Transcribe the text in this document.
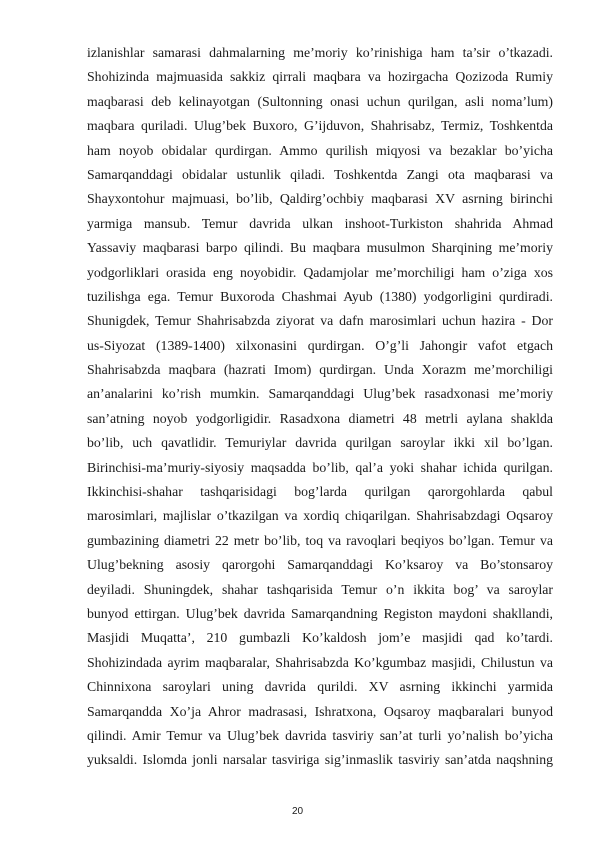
izlanishlar samarasi dahmalarning me’moriy ko’rinishiga ham ta’sir o’tkazadi.
Shohizinda majmuasida sakkiz qirrali maqbara va hozirgacha Qozizoda Rumiy
maqbarasi deb kelinayotgan (Sultonning onasi uchun qurilgan, asli noma’lum)
maqbara quriladi. Ulug’bek Buxoro, G’ijduvon, Shahrisabz, Termiz, Toshkentda
ham noyob obidalar qurdirgan. Ammo qurilish miqyosi va bezaklar bo’yicha
Samarqanddagi obidalar ustunlik qiladi. Toshkentda Zangi ota maqbarasi va
Shayxontohur majmuasi, bo’lib, Qaldirg’ochbiy maqbarasi XV asrning birinchi
yarmiga mansub. Temur davrida ulkan inshoot-Turkiston shahrida Ahmad
Yassaviy maqbarasi barpo qilindi. Bu maqbara musulmon Sharqining me’moriy
yodgorliklari orasida eng noyobidir. Qadamjolar me’morchiligi ham o’ziga xos
tuzilishga ega. Temur Buxoroda Chashmai Ayub (1380) yodgorligini qurdiradi.
Shunigdek, Temur Shahrisabzda ziyorat va dafn marosimlari uchun hazira - Dor
us-Siyozat (1389-1400) xilxonasini qurdirgan. O’g’li Jahongir vafot etgach
Shahrisabzda maqbara (hazrati Imom) qurdirgan. Unda Xorazm me’morchiligi
an’analarini ko’rish mumkin. Samarqanddagi Ulug’bek rasadxonasi me’moriy
san’atning noyob yodgorligidir. Rasadxona diametri 48 metrli aylana shaklda
bo’lib, uch qavatlidir. Temuriylar davrida qurilgan saroylar ikki xil bo’lgan.
Birinchisi-ma’muriy-siyosiy maqsadda bo’lib, qal’a yoki shahar ichida qurilgan.
Ikkinchisi-shahar tashqarisidagi bog’larda qurilgan qarorgohlarda qabul
marosimlari, majlislar o’tkazilgan va xordiq chiqarilgan. Shahrisabzdagi Oqsaroy
gumbazining diametri 22 metr bo’lib, toq va ravoqlari beqiyos bo’lgan. Temur va
Ulug’bekning asosiy qarorgohi Samarqanddagi Ko’ksaroy va Bo’stonsaroy
deyiladi. Shuningdek, shahar tashqarisida Temur o’n ikkita bog’ va saroylar
bunyod ettirgan. Ulug’bek davrida Samarqandning Registon maydoni shakllandi,
Masjidi Muqatta’, 210 gumbazli Ko’kaldosh jom’e masjidi qad ko’tardi.
Shohizindada ayrim maqbaralar, Shahrisabzda Ko’kgumbaz masjidi, Chilustun va
Chinnixona saroylari uning davrida qurildi. XV asrning ikkinchi yarmida
Samarqandda Xo’ja Ahror madrasasi, Ishratxona, Oqsaroy maqbaralari bunyod
qilindi. Amir Temur va Ulug’bek davrida tasviriy san’at turli yo’nalish bo’yicha
yuksaldi. Islomda jonli narsalar tasviriga sig’inmaslik tasviriy san’atda naqshning
20
